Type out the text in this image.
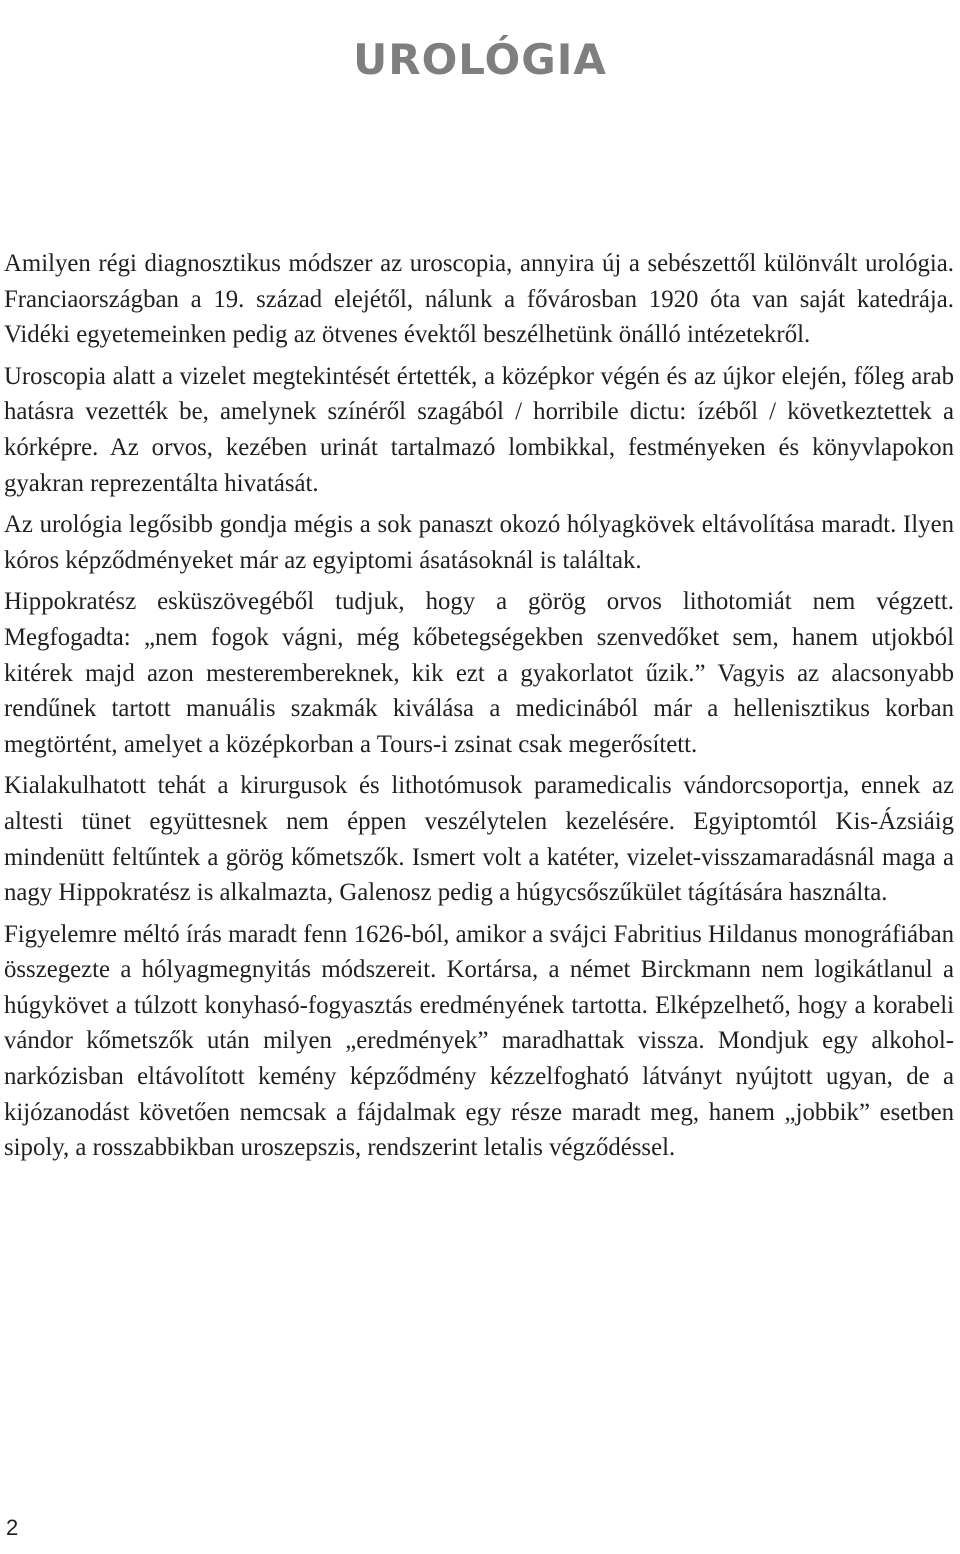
UROLÓGIA

Amilyen régi diagnosztikus módszer az uroscopia, annyira új a sebészettől különvált urológia. Franciaországban a 19. század elejétől, nálunk a fővárosban 1920 óta van saját katedrája. Vidéki egyetemeinken pedig az ötvenes évektől beszélhetünk önálló intézetekről.

Uroscopia alatt a vizelet megtekintését értették, a középkor végén és az újkor elején, főleg arab hatásra vezették be, amelynek színéről szagából / horribile dictu: ízéből / következtettek a kórképre. Az orvos, kezében urinát tartalmazó lombikkal, festményeken és könyvlapokon gyakran reprezentálta hivatását.

Az urológia legősibb gondja mégis a sok panaszt okozó hólyagkövek eltávolítása maradt. Ilyen kóros képződményeket már az egyiptomi ásatásoknál is találtak.

Hippokratész esküszövegéből tudjuk, hogy a görög orvos lithotomiát nem végzett. Megfogadta: „nem fogok vágni, még kőbetegségekben szenvedőket sem, hanem utjokból kitérek majd azon mesterembereknek, kik ezt a gyakorlatot űzik.” Vagyis az alacsonyabb rendűnek tartott manuális szakmák kiválása a medicinából már a hellenisztikus korban megtörtént, amelyet a középkorban a Tours-i zsinat csak megerősített.

Kialakulhatott tehát a kirurgusok és lithotómusok paramedicalis vándorcsoportja, ennek az altesti tünet együttesnek nem éppen veszélytelen kezelésére. Egyiptomtól Kis-Ázsiáig mindenütt feltűntek a görög kőmetszők. Ismert volt a katéter, vizelet-visszamaradásnál maga a nagy Hippokratész is alkalmazta, Galenosz pedig a húgycsőszűkület tágítására használta.

Figyelemre méltó írás maradt fenn 1626-ból, amikor a svájci Fabritius Hildanus monográfiában összegezte a hólyagmegnyitás módszereit. Kortársa, a német Birckmann nem logikátlanul a húgykövet a túlzott konyhasó-fogyasztás eredményének tartotta. Elképzelhető, hogy a korabeli vándor kőmetszők után milyen „eredmények” maradhattak vissza. Mondjuk egy alkohol-narkózisban eltávolított kemény képződmény kézzelfogható látványt nyújtott ugyan, de a kijózanodást követően nemcsak a fájdalmak egy része maradt meg, hanem „jobbik” esetben sipoly, a rosszabbikban uroszepszis, rendszerint letalis végződéssel.

2
